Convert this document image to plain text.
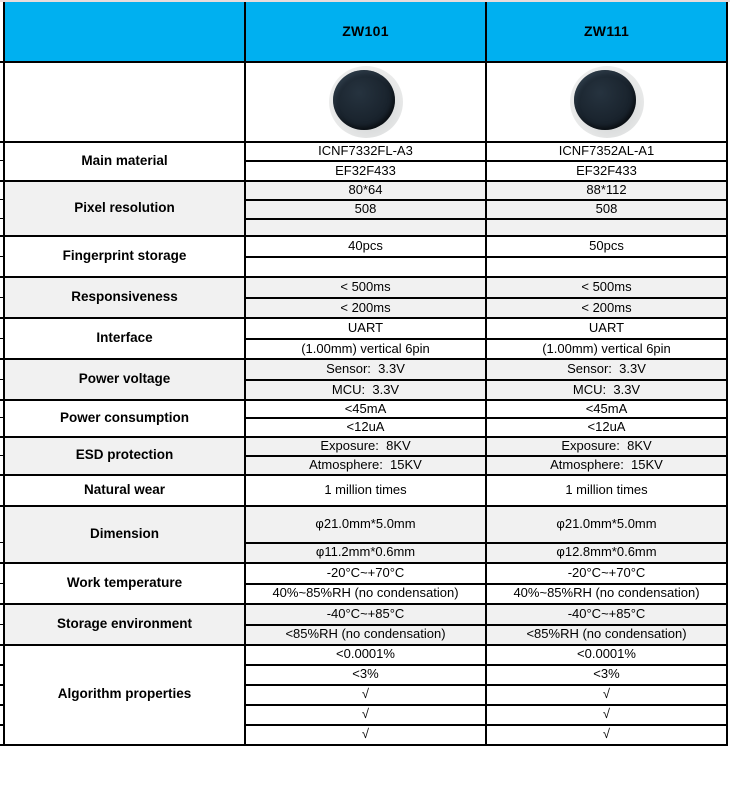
	ZW101	ZW111

Main material	ICNF7332FL-A3	ICNF7352AL-A1
	EF32F433	EF32F433
Pixel resolution	80*64	88*112
	508	508

Fingerprint storage	40pcs	50pcs

Responsiveness	< 500ms	< 500ms
	< 200ms	< 200ms
Interface	UART	UART
	(1.00mm) vertical 6pin	(1.00mm) vertical 6pin
Power voltage	Sensor:  3.3V	Sensor:  3.3V
	MCU:  3.3V	MCU:  3.3V
Power consumption	<45mA	<45mA
	<12uA	<12uA
ESD protection	Exposure:  8KV	Exposure:  8KV
	Atmosphere:  15KV	Atmosphere:  15KV
Natural wear	1 million times	1 million times
Dimension	φ21.0mm*5.0mm	φ21.0mm*5.0mm
	φ11.2mm*0.6mm	φ12.8mm*0.6mm
Work temperature	-20°C~+70°C	-20°C~+70°C
	40%~85%RH (no condensation)	40%~85%RH (no condensation)
Storage environment	-40°C~+85°C	-40°C~+85°C
	<85%RH (no condensation)	<85%RH (no condensation)
Algorithm properties	<0.0001%	<0.0001%
	<3%	<3%
	√	√
	√	√
	√	√
